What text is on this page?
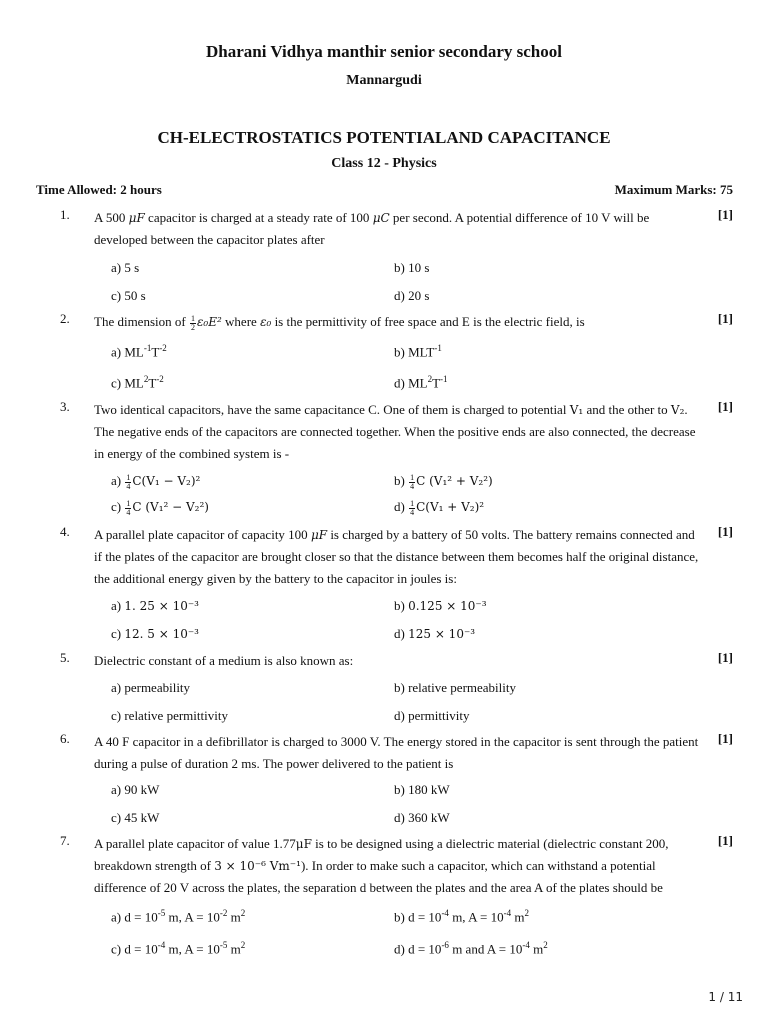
Dharani Vidhya manthir senior secondary school
Mannargudi
CH-ELECTROSTATICS POTENTIALAND CAPACITANCE
Class 12 - Physics
Time Allowed: 2 hours	Maximum Marks: 75
1. A 500 μF capacitor is charged at a steady rate of 100 μC per second. A potential difference of 10 V will be developed between the capacitor plates after
[1]
a) 5 s	b) 10 s
c) 50 s	d) 20 s
2. The dimension of $\frac{1}{2} \varepsilon_0E^2$ where ε₀ is the permittivity of free space and E is the electric field, is	[1]
a) $ML^{-1}T^{-2}$	b) $MLT^{-1}$
c) $ML^2T^{-2}$	d) $ML^2T^{-1}$
3. Two identical capacitors, have the same capacitance C. One of them is charged to potential V₁ and the other to V₂. The negative ends of the capacitors are connected together. When the positive ends are also connected, the decrease in energy of the combined system is -
[1]
$a) \frac{1}{4} C(V_1 - V_2)^2$	$b) \frac{1}{4}$ C (V₁² + V₂²)
$c) \frac{1}{4}$ C (V₁² − V₂²)	$d) \frac{1}{4} C(V_1 + V_2)^2$
4. A parallel plate capacitor of capacity 100 μF is charged by a battery of 50 volts. The battery remains connected and if the plates of the capacitor are brought closer so that the distance between them becomes half the original distance, the additional energy given by the battery to the capacitor in joules is:
[1]
a) 1. 25 × 10⁻³	b) 0.125 × 10⁻³
c) 12. 5 × 10⁻³	d) 125 × 10⁻³
5. Dielectric constant of a medium is also known as:	[1]
a) permeability	b) relative permeability
c) relative permittivity	d) permittivity
6. A 40 F capacitor in a defibrillator is charged to 3000 V. The energy stored in the capacitor is sent through the patient during a pulse of duration 2 ms. The power delivered to the patient is
[1]
a) 90 kW	b) 180 kW
c) 45 kW	d) 360 kW
7. A parallel plate capacitor of value 1.77μF is to be designed using a dielectric material (dielectric constant 200, breakdown strength of 3 × 10⁻⁶ Vm⁻¹). In order to make such a capacitor, which can withstand a potential difference of 20 V across the plates, the separation d between the plates and the area A of the plates should be
[1]
a) $d = 10^{-5}$ m, $A = 10^{-2}$ $m^2$	b) $d = 10^{-4}$ m, $A = 10^{-4}$ $m^2$
c) $d = 10^{-4}$ m, $A = 10^{-5}$ $m^2$	d) $d = 10^{-6}$ m and $A = 10^{-4}$ $m^2$
1 / 11
